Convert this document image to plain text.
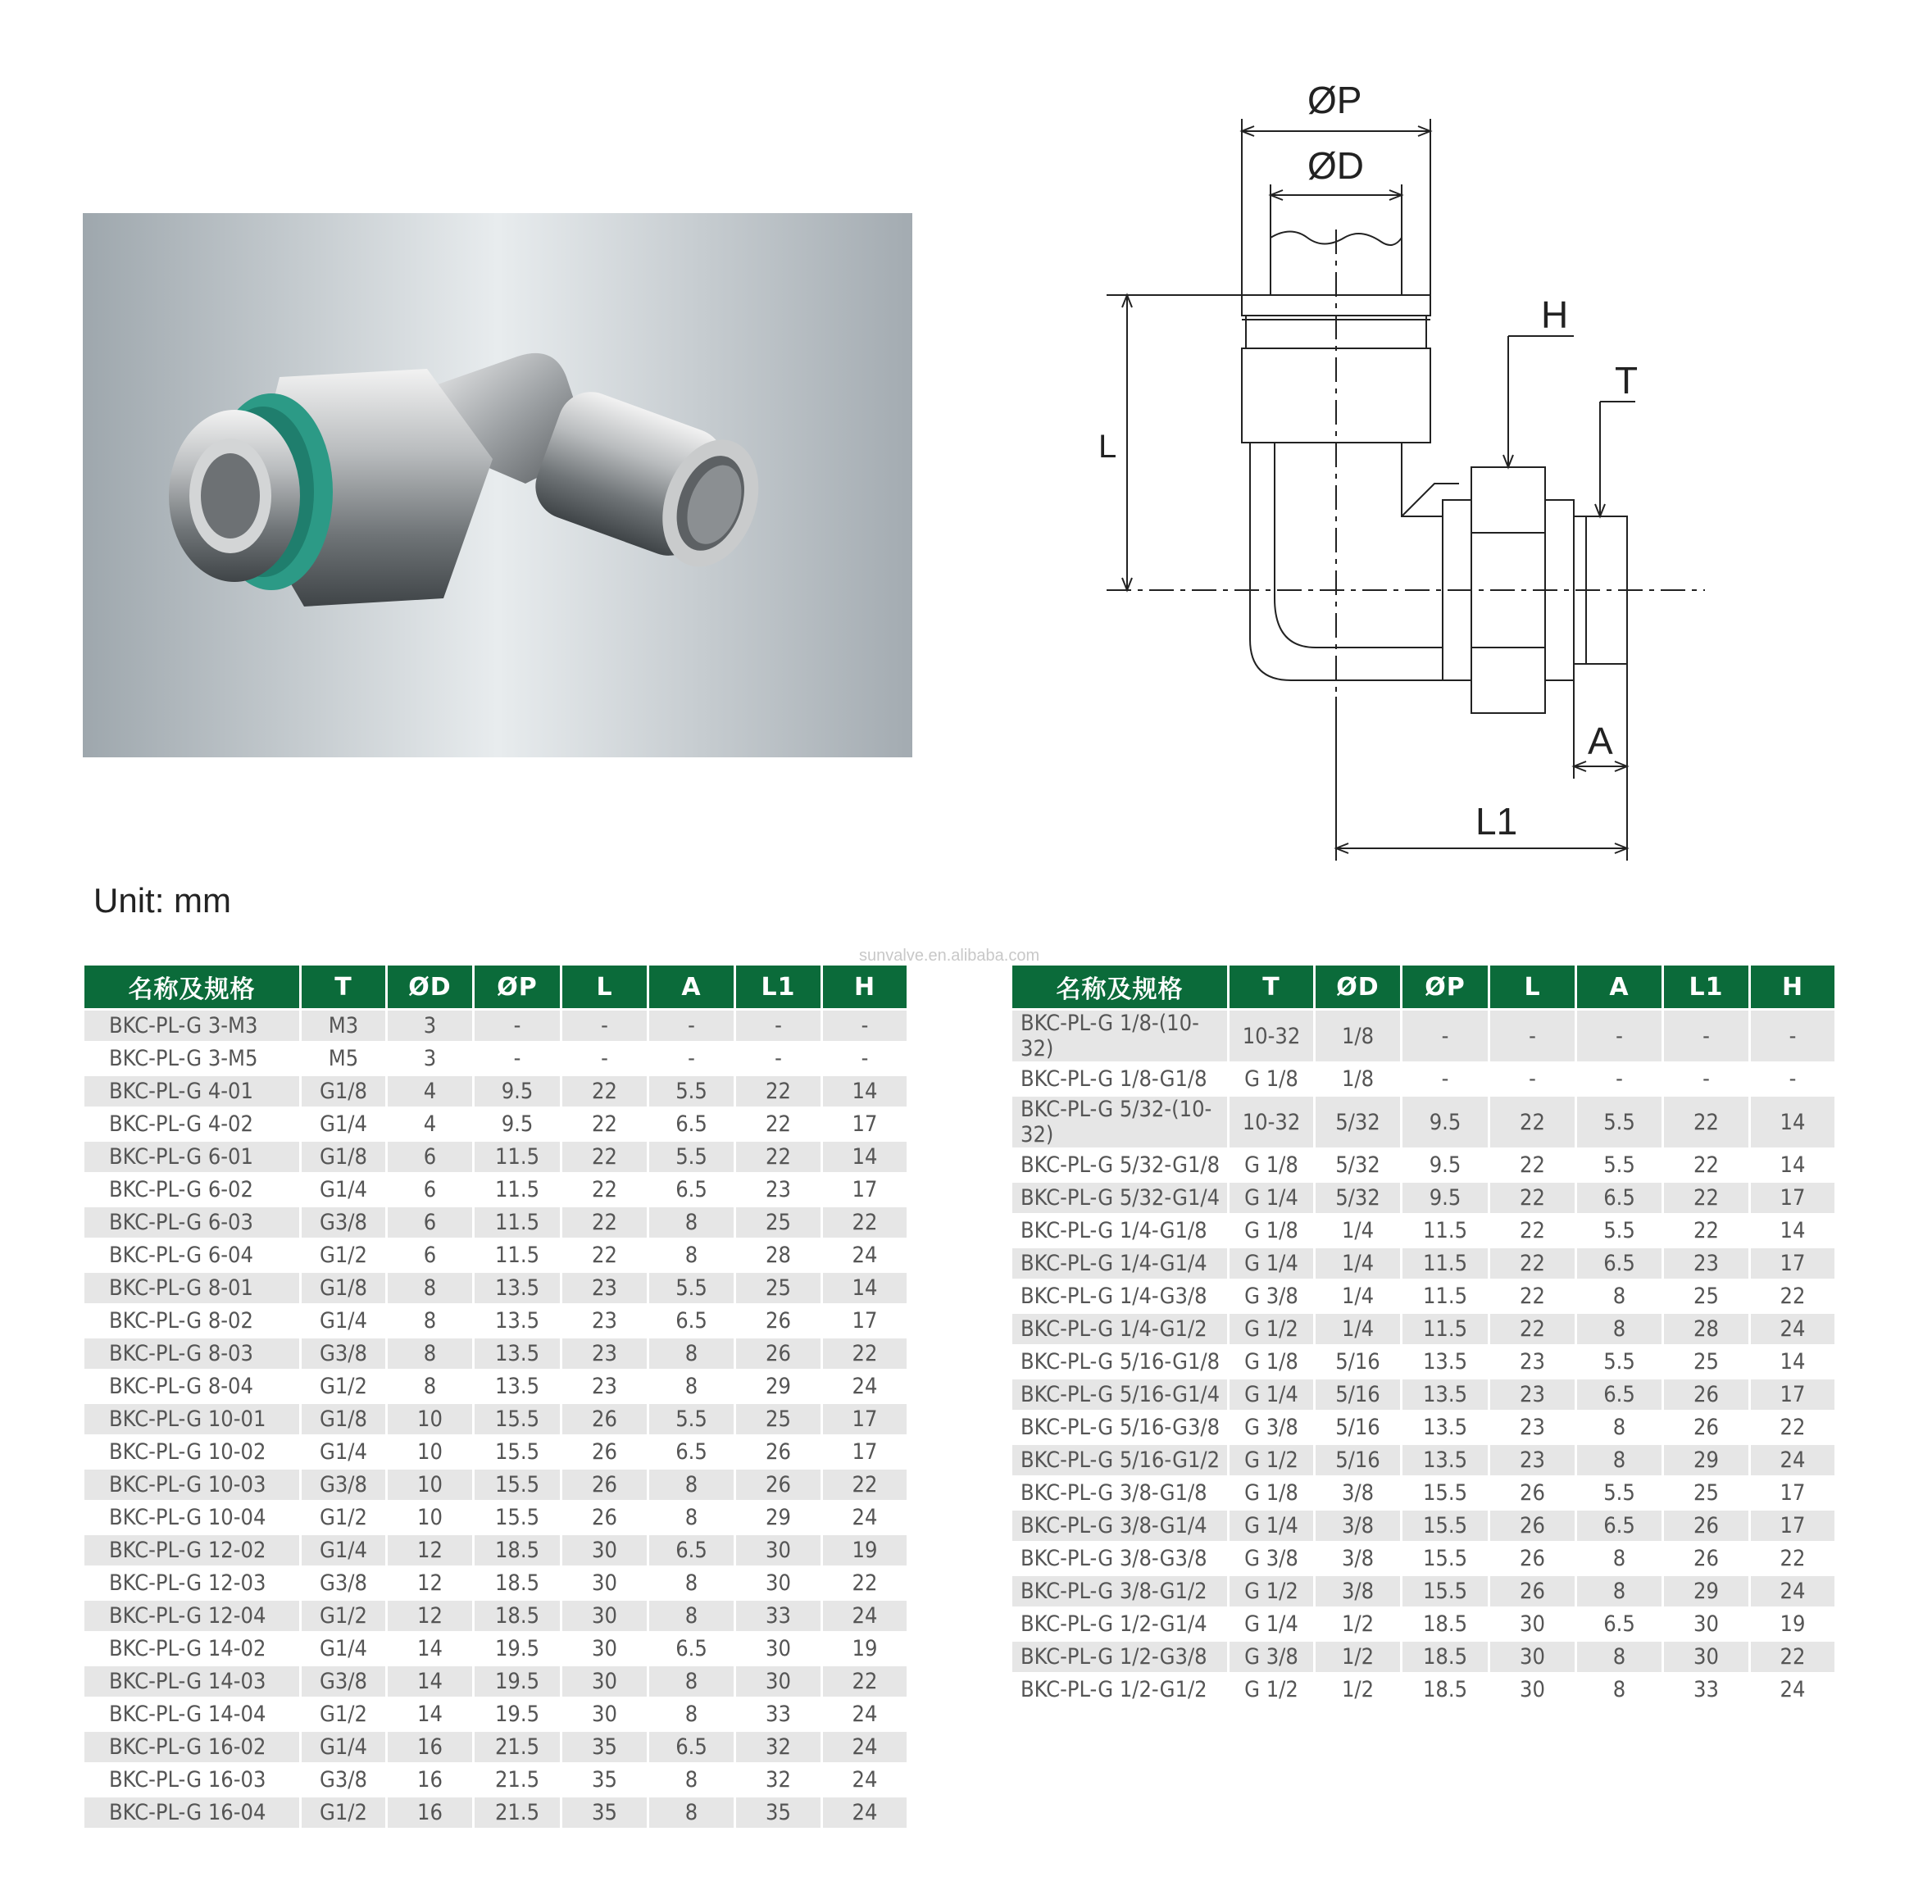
ØP
ØD
H
T
L
A
L1
Unit: mm
sunvalve.en.alibaba.com
名称及规格	T	ØD	ØP	L	A	L1	H
BKC-PL-G 3-M3	M3	3	-	-	-	-	-
BKC-PL-G 3-M5	M5	3	-	-	-	-	-
BKC-PL-G 4-01	G1/8	4	9.5	22	5.5	22	14
BKC-PL-G 4-02	G1/4	4	9.5	22	6.5	22	17
BKC-PL-G 6-01	G1/8	6	11.5	22	5.5	22	14
BKC-PL-G 6-02	G1/4	6	11.5	22	6.5	23	17
BKC-PL-G 6-03	G3/8	6	11.5	22	8	25	22
BKC-PL-G 6-04	G1/2	6	11.5	22	8	28	24
BKC-PL-G 8-01	G1/8	8	13.5	23	5.5	25	14
BKC-PL-G 8-02	G1/4	8	13.5	23	6.5	26	17
BKC-PL-G 8-03	G3/8	8	13.5	23	8	26	22
BKC-PL-G 8-04	G1/2	8	13.5	23	8	29	24
BKC-PL-G 10-01	G1/8	10	15.5	26	5.5	25	17
BKC-PL-G 10-02	G1/4	10	15.5	26	6.5	26	17
BKC-PL-G 10-03	G3/8	10	15.5	26	8	26	22
BKC-PL-G 10-04	G1/2	10	15.5	26	8	29	24
BKC-PL-G 12-02	G1/4	12	18.5	30	6.5	30	19
BKC-PL-G 12-03	G3/8	12	18.5	30	8	30	22
BKC-PL-G 12-04	G1/2	12	18.5	30	8	33	24
BKC-PL-G 14-02	G1/4	14	19.5	30	6.5	30	19
BKC-PL-G 14-03	G3/8	14	19.5	30	8	30	22
BKC-PL-G 14-04	G1/2	14	19.5	30	8	33	24
BKC-PL-G 16-02	G1/4	16	21.5	35	6.5	32	24
BKC-PL-G 16-03	G3/8	16	21.5	35	8	32	24
BKC-PL-G 16-04	G1/2	16	21.5	35	8	35	24
名称及规格	T	ØD	ØP	L	A	L1	H
BKC-PL-G 1/8-(10-32)	10-32	1/8	-	-	-	-	-
BKC-PL-G 1/8-G1/8	G 1/8	1/8	-	-	-	-	-
BKC-PL-G 5/32-(10-32)	10-32	5/32	9.5	22	5.5	22	14
BKC-PL-G 5/32-G1/8	G 1/8	5/32	9.5	22	5.5	22	14
BKC-PL-G 5/32-G1/4	G 1/4	5/32	9.5	22	6.5	22	17
BKC-PL-G 1/4-G1/8	G 1/8	1/4	11.5	22	5.5	22	14
BKC-PL-G 1/4-G1/4	G 1/4	1/4	11.5	22	6.5	23	17
BKC-PL-G 1/4-G3/8	G 3/8	1/4	11.5	22	8	25	22
BKC-PL-G 1/4-G1/2	G 1/2	1/4	11.5	22	8	28	24
BKC-PL-G 5/16-G1/8	G 1/8	5/16	13.5	23	5.5	25	14
BKC-PL-G 5/16-G1/4	G 1/4	5/16	13.5	23	6.5	26	17
BKC-PL-G 5/16-G3/8	G 3/8	5/16	13.5	23	8	26	22
BKC-PL-G 5/16-G1/2	G 1/2	5/16	13.5	23	8	29	24
BKC-PL-G 3/8-G1/8	G 1/8	3/8	15.5	26	5.5	25	17
BKC-PL-G 3/8-G1/4	G 1/4	3/8	15.5	26	6.5	26	17
BKC-PL-G 3/8-G3/8	G 3/8	3/8	15.5	26	8	26	22
BKC-PL-G 3/8-G1/2	G 1/2	3/8	15.5	26	8	29	24
BKC-PL-G 1/2-G1/4	G 1/4	1/2	18.5	30	6.5	30	19
BKC-PL-G 1/2-G3/8	G 3/8	1/2	18.5	30	8	30	22
BKC-PL-G 1/2-G1/2	G 1/2	1/2	18.5	30	8	33	24
